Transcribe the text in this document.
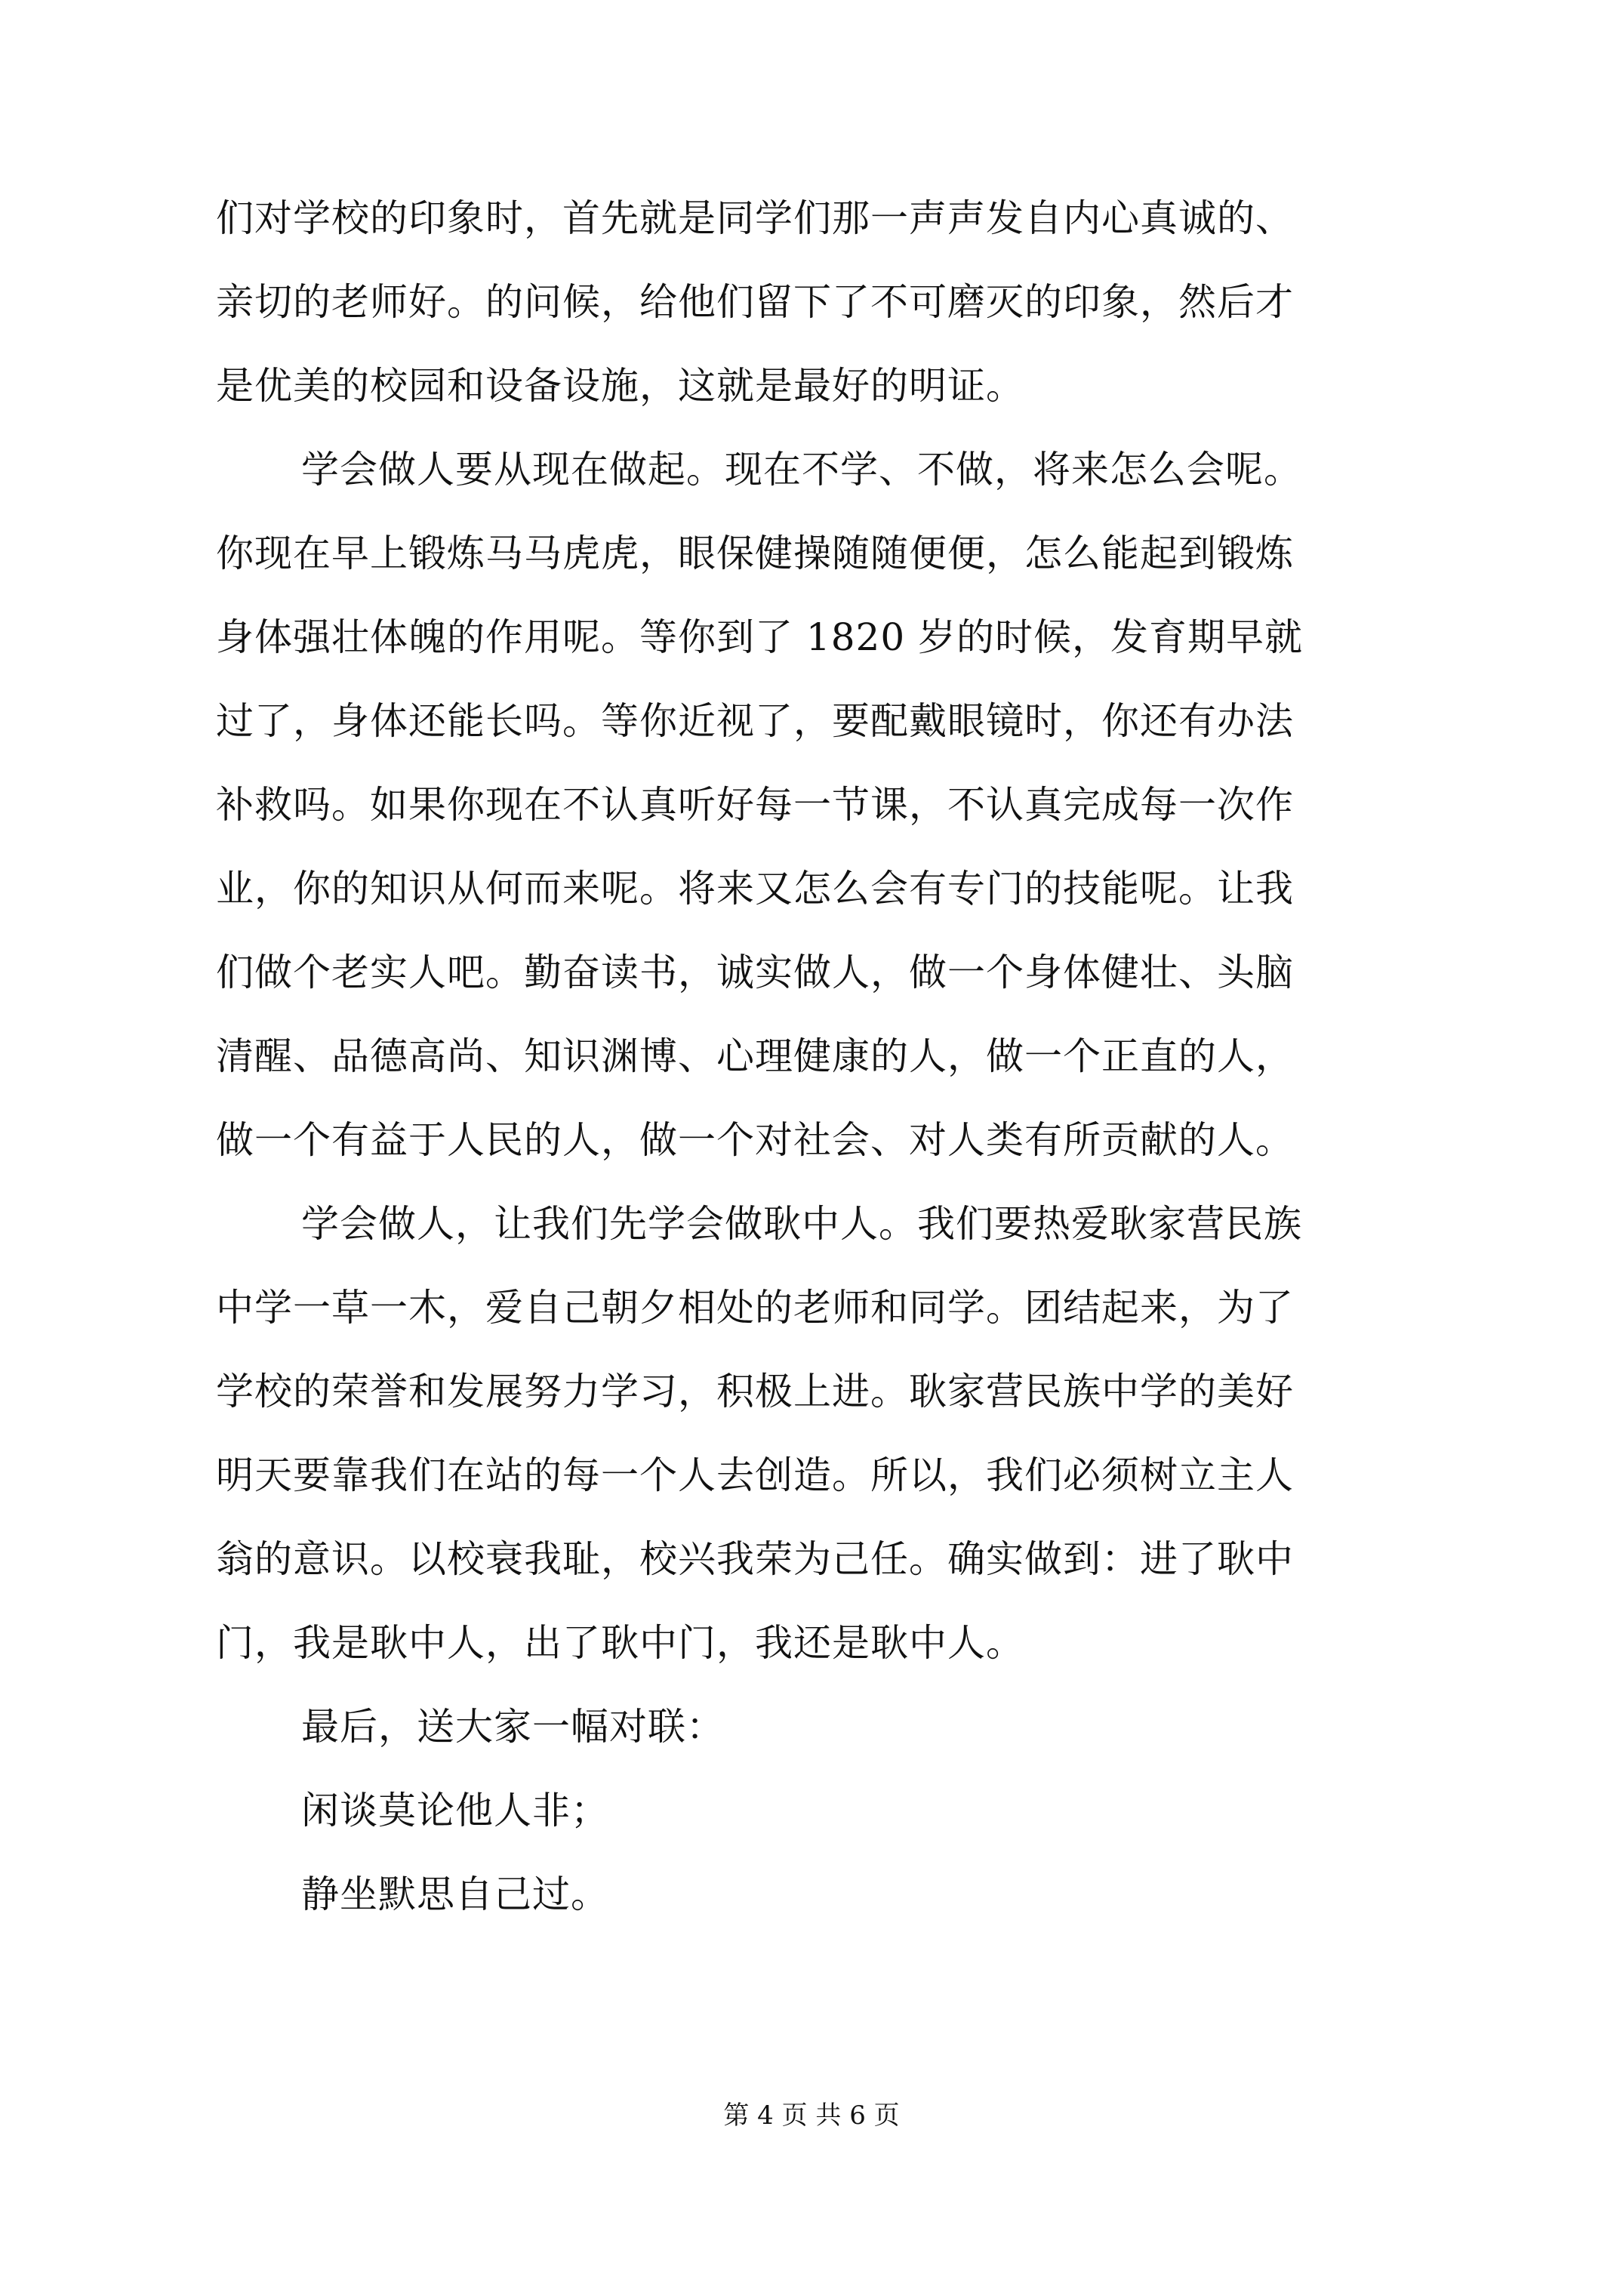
们对学校的印象时，首先就是同学们那一声声发自内心真诚的、
亲切的老师好。的问候，给他们留下了不可磨灭的印象，然后才
是优美的校园和设备设施，这就是最好的明证。
学会做人要从现在做起。现在不学、不做，将来怎么会呢。
你现在早上锻炼马马虎虎，眼保健操随随便便，怎么能起到锻炼
身体强壮体魄的作用呢。等你到了 1820 岁的时候，发育期早就
过了，身体还能长吗。等你近视了，要配戴眼镜时，你还有办法
补救吗。如果你现在不认真听好每一节课，不认真完成每一次作
业，你的知识从何而来呢。将来又怎么会有专门的技能呢。让我
们做个老实人吧。勤奋读书，诚实做人，做一个身体健壮、头脑
清醒、品德高尚、知识渊博、心理健康的人，做一个正直的人，
做一个有益于人民的人，做一个对社会、对人类有所贡献的人。
学会做人，让我们先学会做耿中人。我们要热爱耿家营民族
中学一草一木，爱自己朝夕相处的老师和同学。团结起来，为了
学校的荣誉和发展努力学习，积极上进。耿家营民族中学的美好
明天要靠我们在站的每一个人去创造。所以，我们必须树立主人
翁的意识。以校衰我耻，校兴我荣为己任。确实做到：进了耿中
门，我是耿中人，出了耿中门，我还是耿中人。
最后，送大家一幅对联：
闲谈莫论他人非；
静坐默思自己过。
第 4 页 共 6 页
